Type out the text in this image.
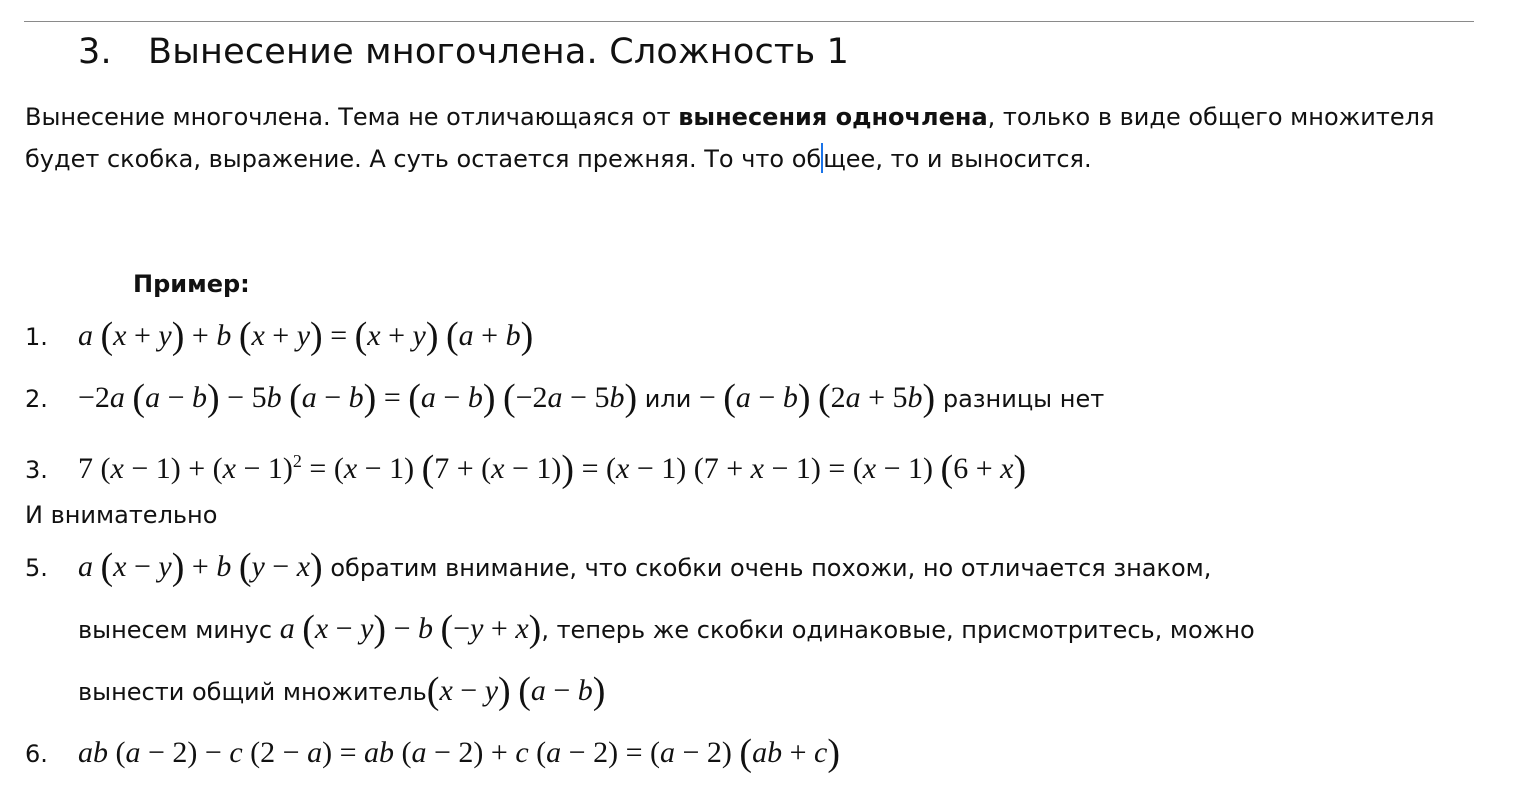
3. Вынесение многочлена. Сложность 1
Вынесение многочлена. Тема не отличающаяся от вынесения одночлена, только в виде общего множителя будет скобка, выражение. А суть остается прежняя. То что общее, то и выносится.
Пример:
1. a (x + y) + b (x + y) = (x + y) (a + b)
2. −2a (a − b) − 5b (a − b) = (a − b) (−2a − 5b) или − (a − b) (2a + 5b) разницы нет
3. 7 $(x - 1) + (x - 1)^2 = (x - 1)$ (7 + (x − 1)) = (x − 1) (7 + x − 1) = (x − 1) (6 + x)
И внимательно
5. a (x − y) + b (y − x) обратим внимание, что скобки очень похожи, но отличается знаком,
вынесем минус a (x − y) − b (−y + x), теперь же скобки одинаковые, присмотритесь, можно
вынести общий множитель(x − y) (a − b)
6. ab (a − 2) − c (2 − a) = ab (a − 2) + c (a − 2) = (a − 2) (ab + c)
